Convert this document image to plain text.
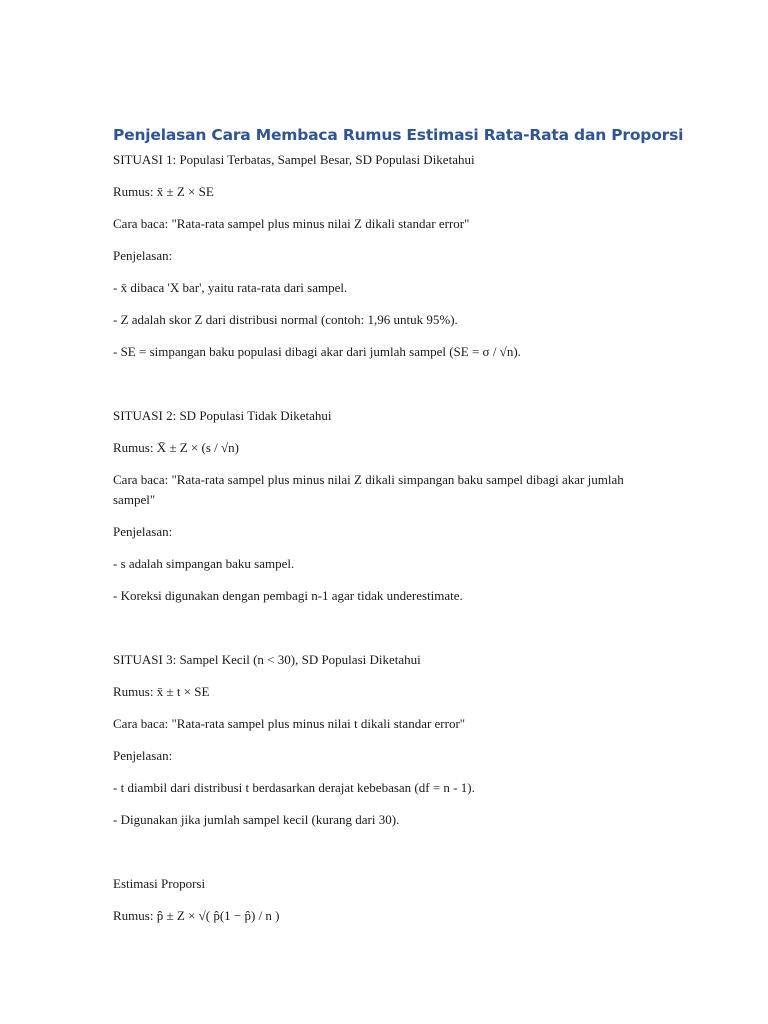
Penjelasan Cara Membaca Rumus Estimasi Rata-Rata dan Proporsi

SITUASI 1: Populasi Terbatas, Sampel Besar, SD Populasi Diketahui

Rumus: x̄ ± Z × SE

Cara baca: "Rata-rata sampel plus minus nilai Z dikali standar error"

Penjelasan:

- x̄ dibaca 'X bar', yaitu rata-rata dari sampel.

- Z adalah skor Z dari distribusi normal (contoh: 1,96 untuk 95%).

- SE = simpangan baku populasi dibagi akar dari jumlah sampel (SE = σ / √n).

SITUASI 2: SD Populasi Tidak Diketahui

Rumus: X̄ ± Z × (s / √n)

Cara baca: "Rata-rata sampel plus minus nilai Z dikali simpangan baku sampel dibagi akar jumlah sampel"

Penjelasan:

- s adalah simpangan baku sampel.

- Koreksi digunakan dengan pembagi n-1 agar tidak underestimate.

SITUASI 3: Sampel Kecil (n < 30), SD Populasi Diketahui

Rumus: x̄ ± t × SE

Cara baca: "Rata-rata sampel plus minus nilai t dikali standar error"

Penjelasan:

- t diambil dari distribusi t berdasarkan derajat kebebasan (df = n - 1).

- Digunakan jika jumlah sampel kecil (kurang dari 30).

Estimasi Proporsi

Rumus: p̂ ± Z × √( p̂(1 − p̂) / n )
